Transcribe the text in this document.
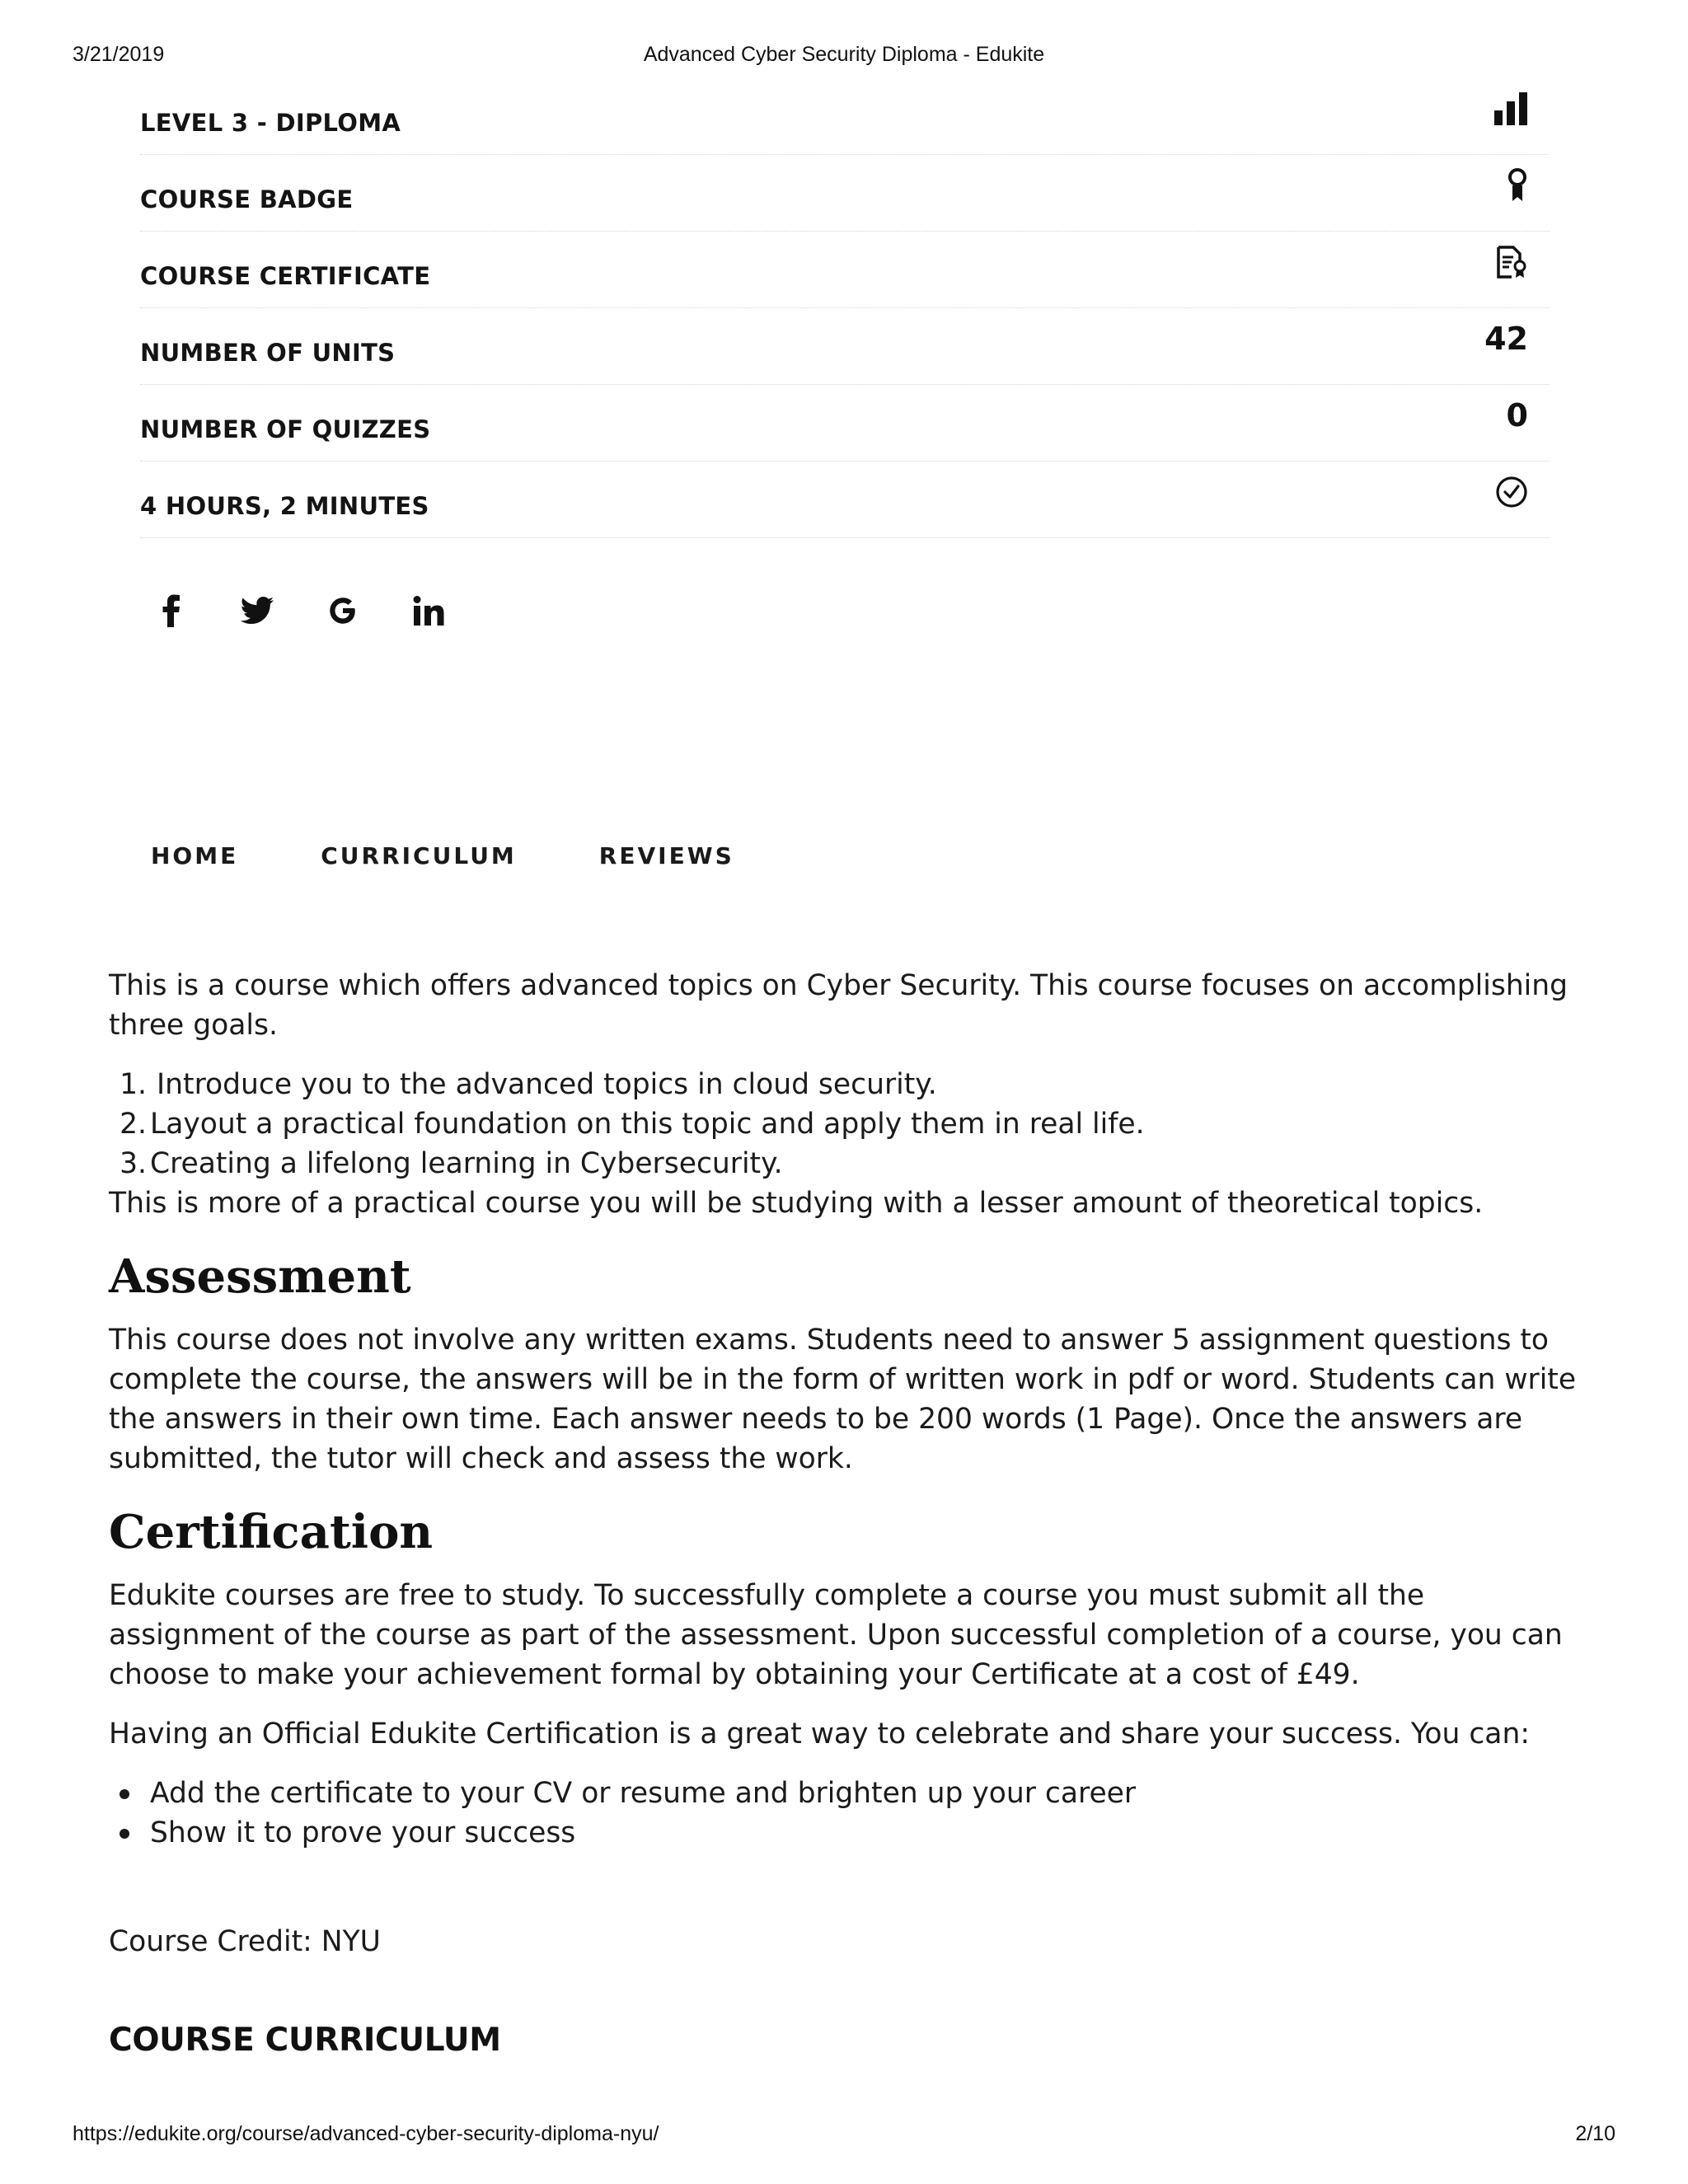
3/21/2019	Advanced Cyber Security Diploma - Edukite
LEVEL 3 - DIPLOMA
COURSE BADGE
COURSE CERTIFICATE
NUMBER OF UNITS	42
NUMBER OF QUIZZES	0
4 HOURS, 2 MINUTES
HOME	CURRICULUM	REVIEWS

This is a course which offers advanced topics on Cyber Security. This course focuses on accomplishing three goals.

1. Introduce you to the advanced topics in cloud security.
2. Layout a practical foundation on this topic and apply them in real life.
3. Creating a lifelong learning in Cybersecurity.

This is more of a practical course you will be studying with a lesser amount of theoretical topics.

Assessment

This course does not involve any written exams. Students need to answer 5 assignment questions to complete the course, the answers will be in the form of written work in pdf or word. Students can write the answers in their own time. Each answer needs to be 200 words (1 Page). Once the answers are submitted, the tutor will check and assess the work.

Certification

Edukite courses are free to study. To successfully complete a course you must submit all the assignment of the course as part of the assessment. Upon successful completion of a course, you can choose to make your achievement formal by obtaining your Certificate at a cost of £49.

Having an Official Edukite Certification is a great way to celebrate and share your success. You can:

Add the certificate to your CV or resume and brighten up your career
Show it to prove your success

Course Credit: NYU

COURSE CURRICULUM
https://edukite.org/course/advanced-cyber-security-diploma-nyu/	2/10
